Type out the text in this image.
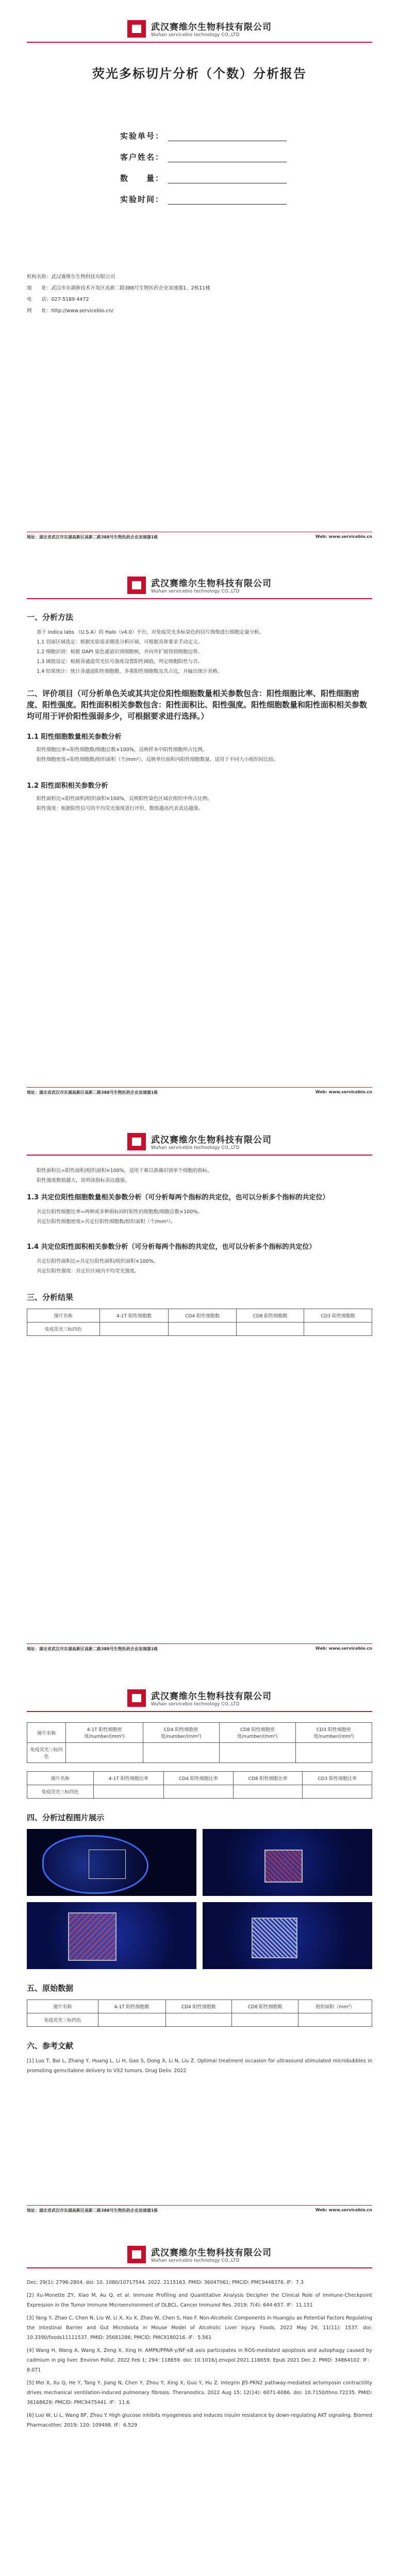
武汉赛维尔生物科技有限公司
Wuhan servicebio technology CO.,LTD
荧光多标切片分析（个数）分析报告
实验单号：
客户姓名：
数　　量：
实验时间：
机构名称：武汉赛维尔生物科技有限公司
地　　址：武汉市东湖新技术开发区高新二路388号生物医药企业加速器1、2栋11楼
电　　话：027-5189 4472
网　　址：http://www.servicebio.cn/
地址：湖北省武汉市东湖高新区高新二路388号生物医药企业加速器1栋	Web: www.servicebio.cn
武汉赛维尔生物科技有限公司
Wuhan servicebio technology CO.,LTD
一、分析方法

基于 indica labs （U.S.A）的 Halo（v4.0）平台，对免疫荧光多标染色的切片图像进行细胞定量分析。

1.1 切面区域选定：根据实验需求圈选分析区域，可根据具体要求手动定义。

1.2 细胞识别：根据 DAPI 染色通道识别细胞核，并向外扩展得到细胞边界。

1.3 阈值设定：根据各通道荧光信号强度设置阳性阈值，判定细胞阳性与否。

1.4 结果统计：统计各通道阳性细胞数、多重阳性细胞数及其占比，并输出统计表格。

二、评价项目（可分析单色关或其共定位阳性细胞数量相关参数包含：阳性细胞比率、阳性细胞密度、阳性强度。阳性面积相关参数包含：阳性面积比、阳性强度。阳性细胞数量和阳性面积相关参数均可用于评价阳性强弱多少，可根据要求进行选择。）
1.1 阳性细胞数量相关参数分析

阳性细胞比率=阳性细胞数/细胞总数×100%，反映样本中阳性细胞所占比例。

阳性细胞密度=阳性细胞数/组织面积（个/mm²），反映单位面积内阳性细胞数量，适用于不同大小组织间比较。

1.2 阳性面积相关参数分析

阳性面积比=阳性面积/组织面积×100%，反映阳性染色区域在组织中所占比例。

阳性强度：根据阳性信号的平均荧光强度进行评价，数值越高代表表达越强。

地址：湖北省武汉市东湖高新区高新二路388号生物医药企业加速器1栋	Web: www.servicebio.cn
武汉赛维尔生物科技有限公司
Wuhan servicebio technology CO.,LTD

阳性面积比=阳性面积/组织面积×100%，适用于难以准确识别单个细胞的指标。

阳性强度数值越大，说明该指标表达越强。

1.3 共定位阳性细胞数量相关参数分析（可分析每两个指标的共定位，也可以分析多个指标的共定位）

共定位阳性细胞比率=两种或多种指标同时阳性的细胞数/细胞总数×100%。

共定位阳性细胞密度=共定位阳性细胞数/组织面积（个/mm²）。

1.4 共定位阳性面积相关参数分析（可分析每两个指标的共定位，也可以分析多个指标的共定位）

共定位阳性面积比=共定位阳性面积/组织面积×100%。

共定位阳性强度：共定位区域内平均荧光强度。

三、分析结果
图片名称	4-1T 阳性细胞数	CD4 阳性细胞数	CD8 阳性细胞数	CD3 阳性细胞数
免疫荧光三标四色				
地址：湖北省武汉市东湖高新区高新二路388号生物医药企业加速器1栋	Web: www.servicebio.cn
武汉赛维尔生物科技有限公司
Wuhan servicebio technology CO.,LTD
图片名称	4-1T 阳性细胞密度/number/(mm²)	CD4 阳性细胞密度/number/(mm²)	CD8 阳性细胞密度/number/(mm²)	CD3 阳性细胞密度/number/(mm²)
免疫荧光三标四色				
图片名称	4-1T 阳性细胞比率	CD4 阳性细胞比率	CD8 阳性细胞比率	CD3 阳性细胞比率
免疫荧光三标四色				
四、分析过程图片展示
五、原始数据
图片名称	4-1T 阳性细胞数	CD4 阳性细胞数	CD8 阳性细胞数	组织面积（mm²）
免疫荧光三标四色				
六、参考文献

[1] Luo T, Bai L, Zhang Y, Huang L, Li H, Gao S, Dong X, Li N, Liu Z. Optimal treatment occasion for ultrasound stimulated microbubbles in promoting gemcitabine delivery to VX2 tumors. Drug Deliv. 2022

地址：湖北省武汉市东湖高新区高新二路388号生物医药企业加速器1栋	Web: www.servicebio.cn
武汉赛维尔生物科技有限公司
Wuhan servicebio technology CO.,LTD

Dec; 29(1): 2796-2804. doi: 10. 1080/10717544. 2022. 2115163. PMID: 36047061; PMCID: PMC9448376. IF：7.3

[2] Xu-Monette ZY, Xiao M, Au Q, et al. Immune Profiling and Quantitative Analysis Decipher the Clinical Role of Immune-Checkpoint Expression in the Tumor Immune Microenvironment of DLBCL. Cancer Immunol Res. 2019; 7(4): 644-657. IF：11.151

[3] Yang Y, Zhao C, Chen N, Liu W, Li X, Xu X, Zhao W, Chen S, Hao F. Non-Alcoholic Components in Huangjiu as Potential Factors Regulating the Intestinal Barrier and Gut Microbiota in Mouse Model of Alcoholic Liver Injury. Foods. 2022 May 24; 11(11): 1537. doi: 10.3390/foods11111537. PMID: 35681286; PMCID: PMC9180216. IF：5.561

[4] Wang H, Wang A, Wang X, Zeng X, Xing H. AMPK/PPAR-γ/NF-κB axis participates in ROS-mediated apoptosis and autophagy caused by cadmium in pig liver. Environ Pollut. 2022 Feb 1; 294: 118659. doi: 10.1016/j.envpol.2021.118659. Epub 2021 Dec 2. PMID: 34864102. IF：8.071

[5] Mei X, Xu Q, He Y, Tang Y, Jiang N, Chen Y, Zhou Y, Xing X, Guo Y, Hu Z. Integrin β5-PKN2 pathway-mediated actomyosin contractility drives mechanical ventilation-induced pulmonary fibrosis. Theranostics. 2022 Aug 15; 12(14): 6071-6086. doi: 10.7150/thno.72235. PMID: 36168629; PMCID: PMC9475441. IF：11.6

[6] Luo W, Li L, Wang BF, Zhou Y. High glucose inhibits myogenesis and induces insulin resistance by down-regulating AKT signaling. Biomed Pharmacother. 2019; 120: 109498. IF：6.529
